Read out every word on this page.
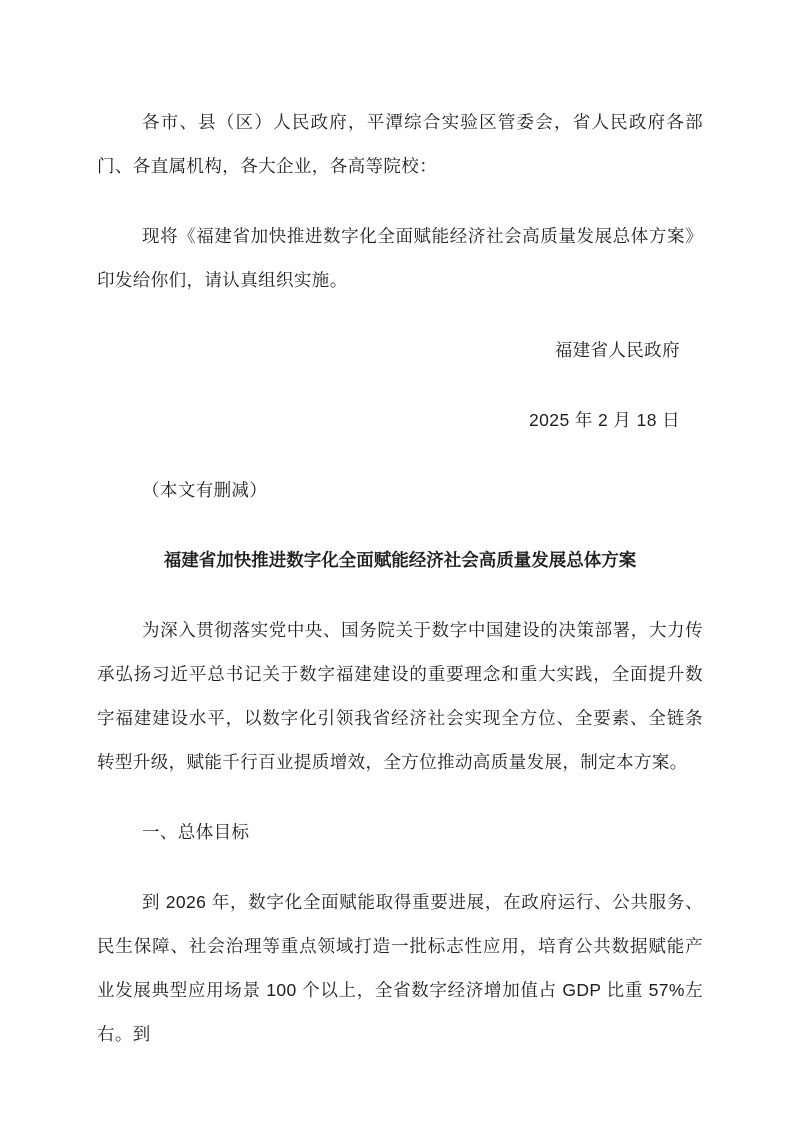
各市、县（区）人民政府，平潭综合实验区管委会，省人民政府各部门、各直属机构，各大企业，各高等院校：

现将《福建省加快推进数字化全面赋能经济社会高质量发展总体方案》印发给你们，请认真组织实施。

福建省人民政府

2025 年 2 月 18 日

（本文有删减）

福建省加快推进数字化全面赋能经济社会高质量发展总体方案

为深入贯彻落实党中央、国务院关于数字中国建设的决策部署，大力传承弘扬习近平总书记关于数字福建建设的重要理念和重大实践，全面提升数字福建建设水平，以数字化引领我省经济社会实现全方位、全要素、全链条转型升级，赋能千行百业提质增效，全方位推动高质量发展，制定本方案。

一、总体目标

到 2026 年，数字化全面赋能取得重要进展，在政府运行、公共服务、民生保障、社会治理等重点领域打造一批标志性应用，培育公共数据赋能产业发展典型应用场景 100 个以上，全省数字经济增加值占 GDP 比重 57%左右。到
